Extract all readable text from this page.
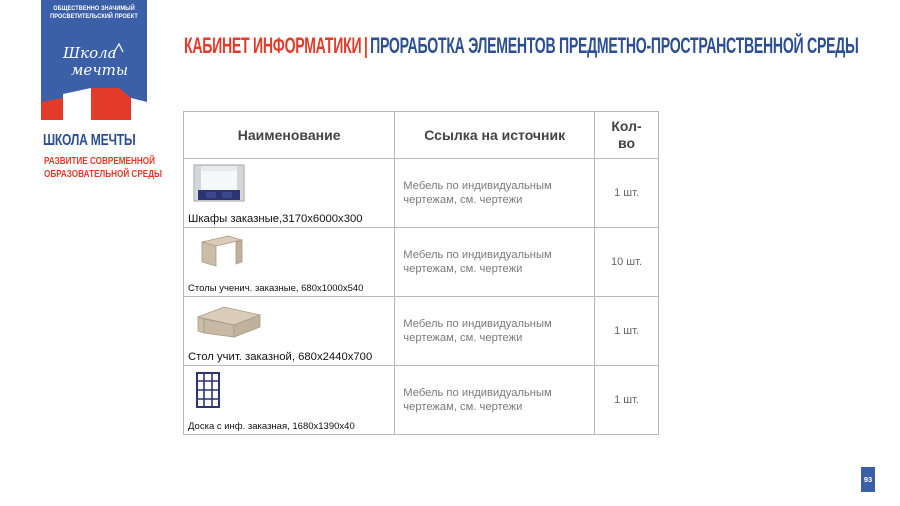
ОБЩЕСТВЕННО ЗНАЧИМЫЙ
ПРОСВЕТИТЕЛЬСКИЙ ПРОЕКТ
Школа
мечты
ШКОЛА МЕЧТЫ
РАЗВИТИЕ СОВРЕМЕННОЙ
ОБРАЗОВАТЕЛЬНОЙ СРЕДЫ
КАБИНЕТ ИНФОРМАТИКИ | ПРОРАБОТКА ЭЛЕМЕНТОВ ПРЕДМЕТНО-ПРОСТРАНСТВЕННОЙ СРЕДЫ
Наименование	Ссылка на источник	Кол-
во

Шкафы заказные,3170х6000х300	Мебель по индивидуальным
чертежам, см. чертежи	1 шт.

Столы ученич. заказные, 680х1000х540	Мебель по индивидуальным
чертежам, см. чертежи	10 шт.

Стол учит. заказной, 680х2440х700	Мебель по индивидуальным
чертежам, см. чертежи	1 шт.

Доска с инф. заказная, 1680х1390х40	Мебель по индивидуальным
чертежам, см. чертежи	1 шт.
93
